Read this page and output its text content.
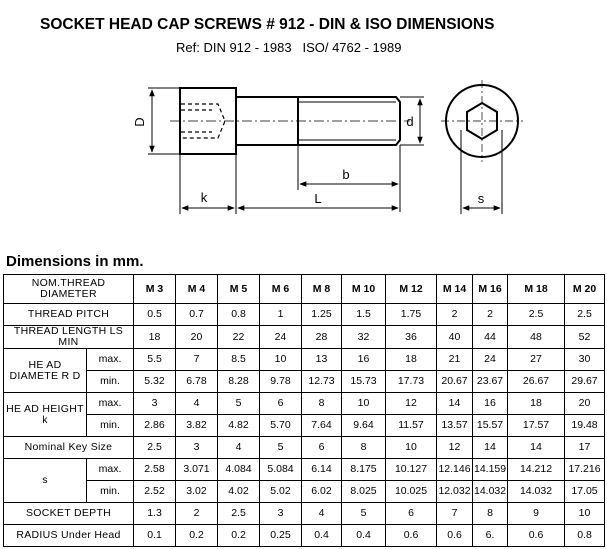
SOCKET HEAD CAP SCREWS # 912 - DIN & ISO DIMENSIONS
Ref: DIN 912 - 1983   ISO/ 4762 - 1989
D	d
b
k	L	s
Dimensions in mm.
NOM.THREAD DIAMETER		M 3	M 4	M 5	M 6	M 8	M 10	M 12	M 14	M 16	M 18	M 20
THREAD PITCH		0.5	0.7	0.8	1	1.25	1.5	1.75	2	2	2.5	2.5
THREAD LENGTH LS MIN		18	20	22	24	28	32	36	40	44	48	52
HE AD DIAMETE R D	max.	5.5	7	8.5	10	13	16	18	21	24	27	30
	min.	5.32	6.78	8.28	9.78	12.73	15.73	17.73	20.67	23.67	26.67	29.67
HE AD HEIGHT k	max.	3	4	5	6	8	10	12	14	16	18	20
	min.	2.86	3.82	4.82	5.70	7.64	9.64	11.57	13.57	15.57	17.57	19.48
Nominal Key Size		2.5	3	4	5	6	8	10	12	14	14	17
s	max.	2.58	3.071	4.084	5.084	6.14	8.175	10.127	12.146	14.159	14.212	17.216
	min.	2.52	3.02	4.02	5.02	6.02	8.025	10.025	12.032	14.032	14.032	17.05
SOCKET DEPTH		1.3	2	2.5	3	4	5	6	7	8	9	10
RADIUS Under Head		0.1	0.2	0.2	0.25	0.4	0.4	0.6	0.6	6.	0.6	0.8
